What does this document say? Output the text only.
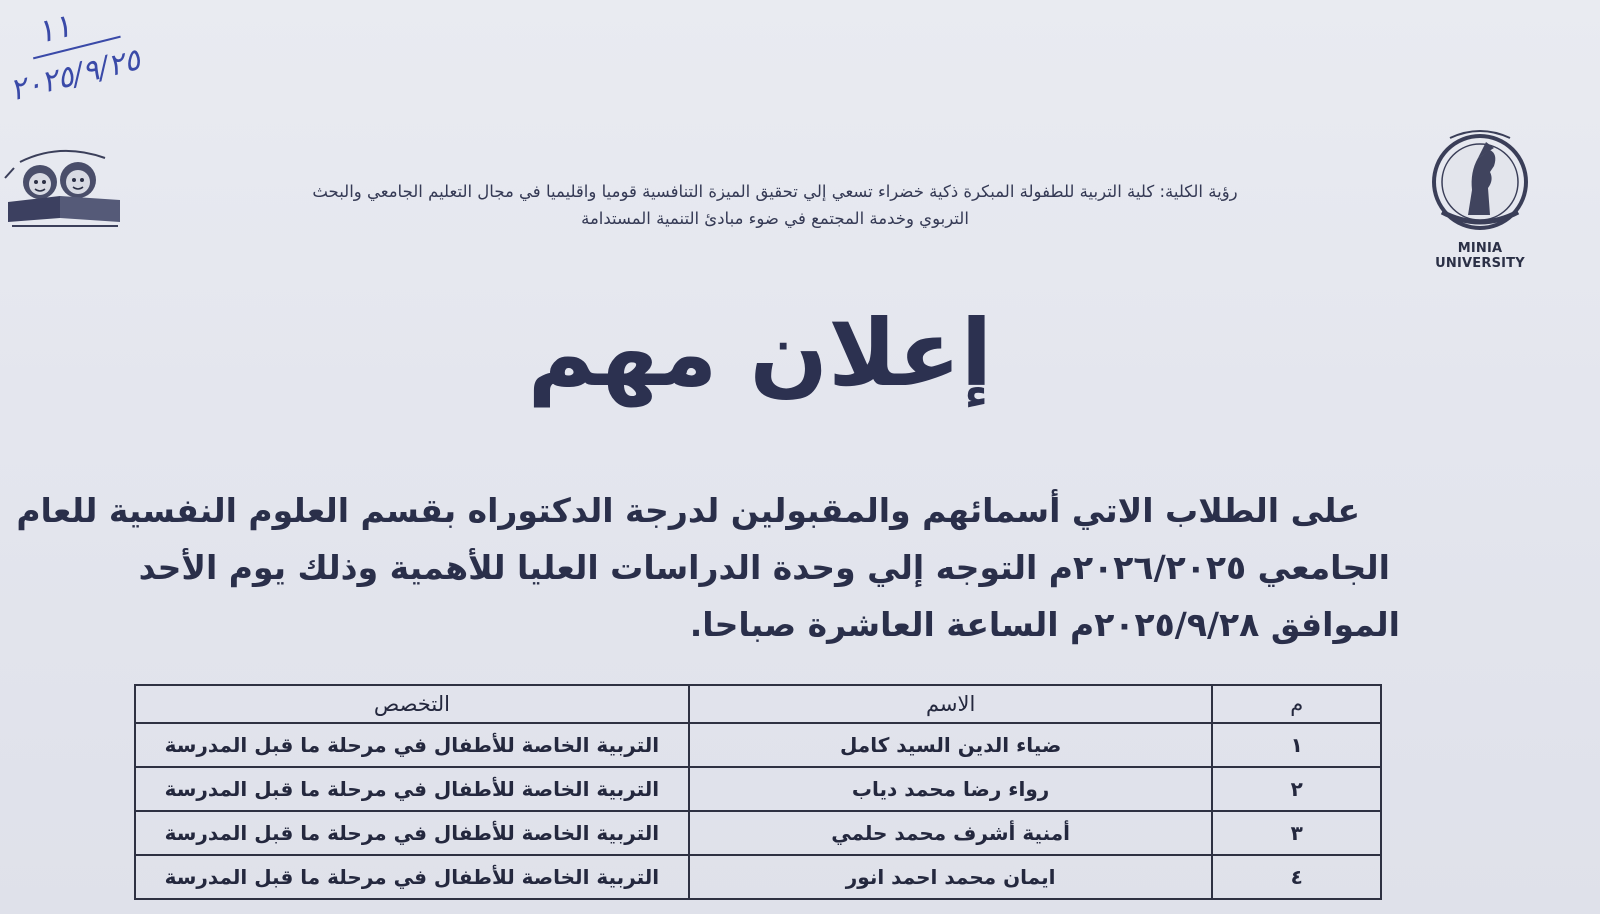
١١
٢٠٢٥/٩/٢٥
رؤية الكلية: كلية التربية للطفولة المبكرة ذكية خضراء تسعي إلي تحقيق الميزة التنافسية قوميا واقليميا في مجال التعليم الجامعي والبحث
التربوي وخدمة المجتمع في ضوء مبادئ التنمية المستدامة
MINIA UNIVERSITY
إعلان مهم
على الطلاب الاتي أسمائهم والمقبولين لدرجة الدكتوراه بقسم العلوم النفسية للعام
الجامعي ٢٠٢٦/٢٠٢٥م التوجه إلي وحدة الدراسات العليا للأهمية وذلك يوم الأحد
الموافق ٢٠٢٥/٩/٢٨م الساعة العاشرة صباحا.
م	الاسم	التخصص
١	ضياء الدين السيد كامل	التربية الخاصة للأطفال في مرحلة ما قبل المدرسة
٢	رواء رضا محمد دياب	التربية الخاصة للأطفال في مرحلة ما قبل المدرسة
٣	أمنية أشرف محمد حلمي	التربية الخاصة للأطفال في مرحلة ما قبل المدرسة
٤	ايمان محمد احمد انور	التربية الخاصة للأطفال في مرحلة ما قبل المدرسة
